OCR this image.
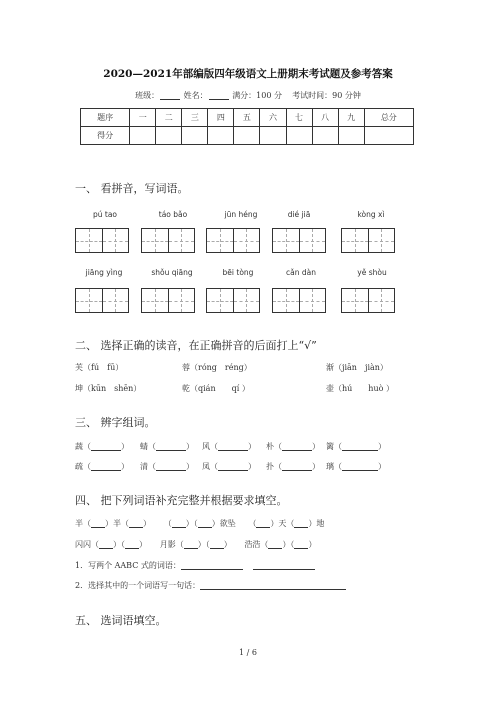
2020—2021年部编版四年级语文上册期末考试题及参考答案
班级：	姓名：	满分：100 分 考试时间：90 分钟
题序	一	二	三	四	五	六	七	八	九	总分
得分										
一、 看拼音，写词语。
pú tao	táo bǎo	jūn héng	dié jiā	kòng xì
jiāng yìng	shǒu qiāng	bēi tòng	cǎn dàn	yě shòu
二、 选择正确的读音，在正确拼音的后面打上“√”
芙（fú　fū）	蓉（róng　réng）	渐（jiān　jiàn）
坤（kūn　shēn）	乾（qián　　qí ）	壶（hú　　huò ）
三、 辨字组词。
蔬（	） 蜻（	） 风（	） 朴（	） 篱（	）
疏（	） 清（	） 凤（	） 扑（	） 璃（	）
四、 把下列词语补充完整并根据要求填空。
半（ ）半（ ） （ ）（ ）欲坠 （ ）天（ ）地
闪闪（ ）（ ） 月影（ ）（ ） 浩浩（ ）（ ）
1．写两个 AABC 式的词语：
2．选择其中的一个词语写一句话：
五、 选词语填空。
1 / 6
